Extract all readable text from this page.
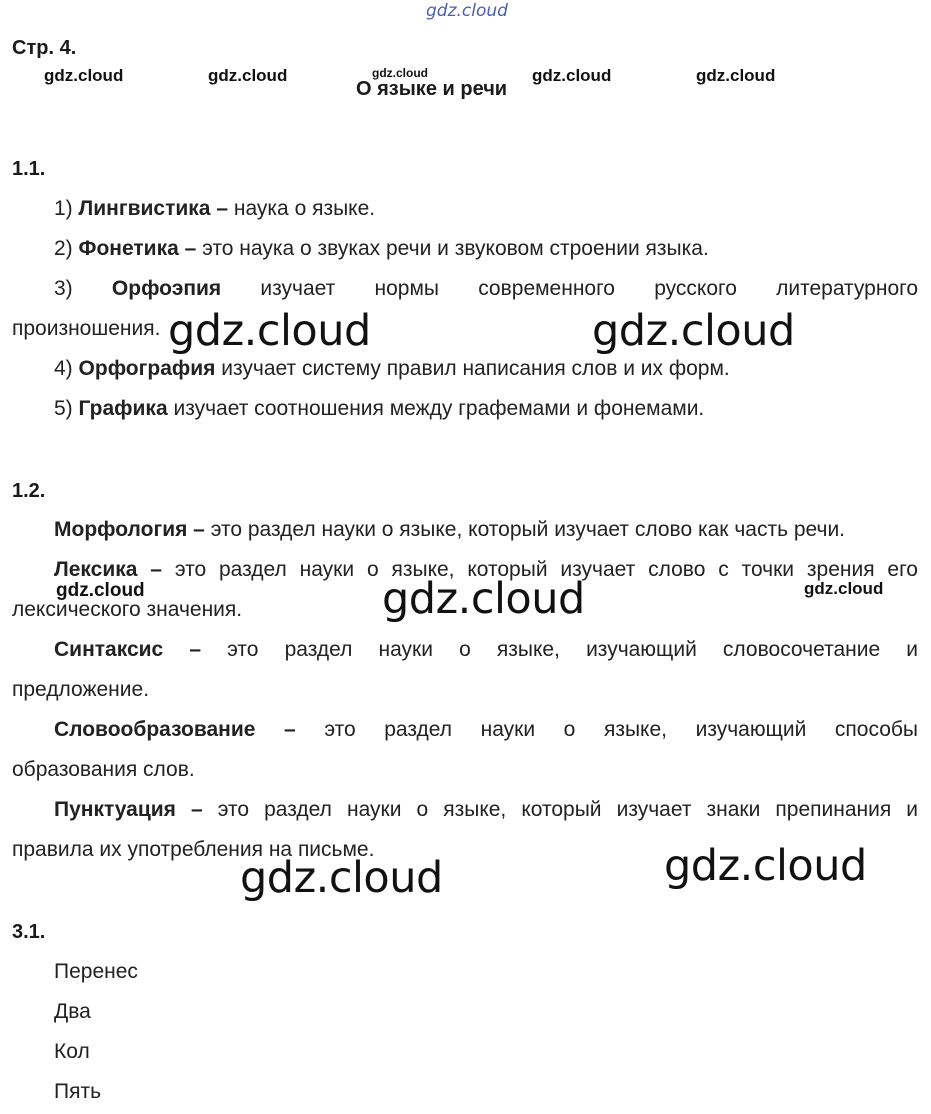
gdz.cloud
Стр. 4.
gdz.cloud	gdz.cloud	gdz.cloud	gdz.cloud	gdz.cloud
О языке и речи
1.1.
1) Лингвистика – наука о языке.
2) Фонетика – это наука о звуках речи и звуковом строении языка.
3) Орфоэпия изучает нормы современного русского литературного
произношения.
4) Орфография изучает систему правил написания слов и их форм.
5) Графика изучает соотношения между графемами и фонемами.
gdz.cloud	gdz.cloud
1.2.
Морфология – это раздел науки о языке, который изучает слово как часть речи.
Лексика – это раздел науки о языке, который изучает слово с точки зрения его
лексического значения.
Синтаксис – это раздел науки о языке, изучающий словосочетание и
предложение.
Словообразование – это раздел науки о языке, изучающий способы
образования слов.
Пунктуация – это раздел науки о языке, который изучает знаки препинания и
правила их употребления на письме.
gdz.cloud	gdz.cloud	gdz.cloud
gdz.cloud	gdz.cloud
3.1.
Перенес
Два
Кол
Пять
